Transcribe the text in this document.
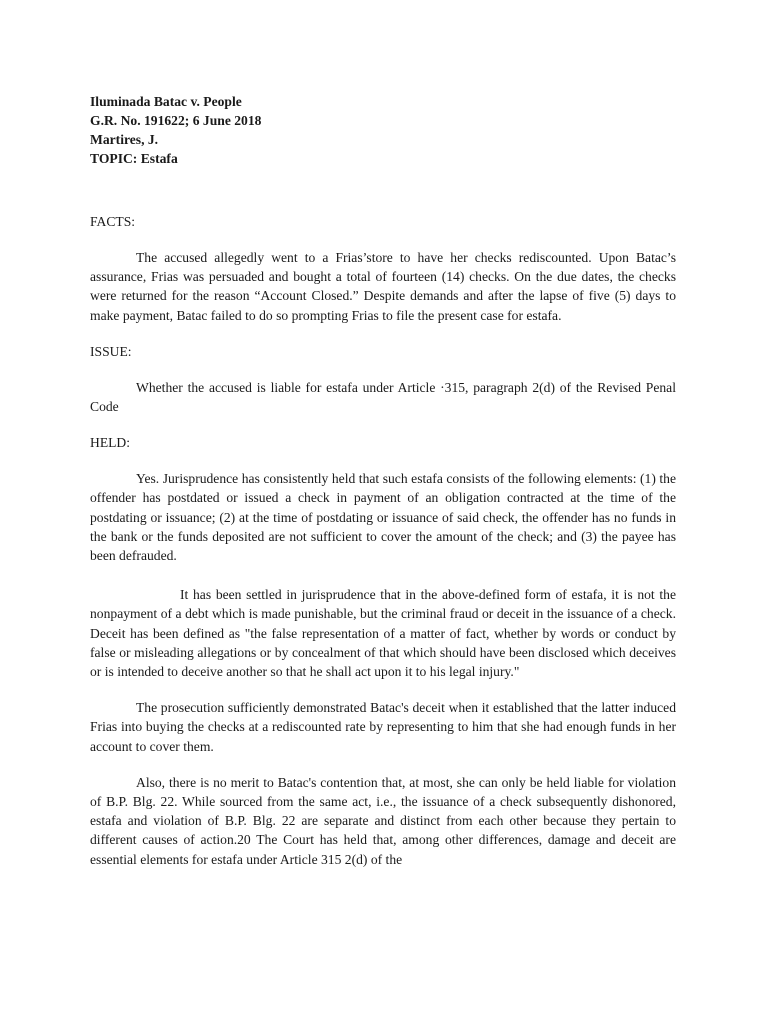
Iluminada Batac v. People

G.R. No. 191622; 6 June 2018

Martires, J.

TOPIC: Estafa

FACTS:

The accused allegedly went to a Frias’store to have her checks rediscounted. Upon Batac’s assurance, Frias was persuaded and bought a total of fourteen (14) checks. On the due dates, the checks were returned for the reason “Account Closed.” Despite demands and after the lapse of five (5) days to make payment, Batac failed to do so prompting Frias to file the present case for estafa.

ISSUE:

Whether the accused is liable for estafa under Article ·315, paragraph 2(d) of the Revised Penal Code

HELD:

Yes. Jurisprudence has consistently held that such estafa consists of the following elements: (1) the offender has postdated or issued a check in payment of an obligation contracted at the time of the postdating or issuance; (2) at the time of postdating or issuance of said check, the offender has no funds in the bank or the funds deposited are not sufficient to cover the amount of the check; and (3) the payee has been defrauded.

It has been settled in jurisprudence that in the above-defined form of estafa, it is not the nonpayment of a debt which is made punishable, but the criminal fraud or deceit in the issuance of a check. Deceit has been defined as "the false representation of a matter of fact, whether by words or conduct by false or misleading allegations or by concealment of that which should have been disclosed which deceives or is intended to deceive another so that he shall act upon it to his legal injury."

The prosecution sufficiently demonstrated Batac's deceit when it established that the latter induced Frias into buying the checks at a rediscounted rate by representing to him that she had enough funds in her account to cover them.

Also, there is no merit to Batac's contention that, at most, she can only be held liable for violation of B.P. Blg. 22. While sourced from the same act, i.e., the issuance of a check subsequently dishonored, estafa and violation of B.P. Blg. 22 are separate and distinct from each other because they pertain to different causes of action.20 The Court has held that, among other differences, damage and deceit are essential elements for estafa under Article 315 2(d) of the
